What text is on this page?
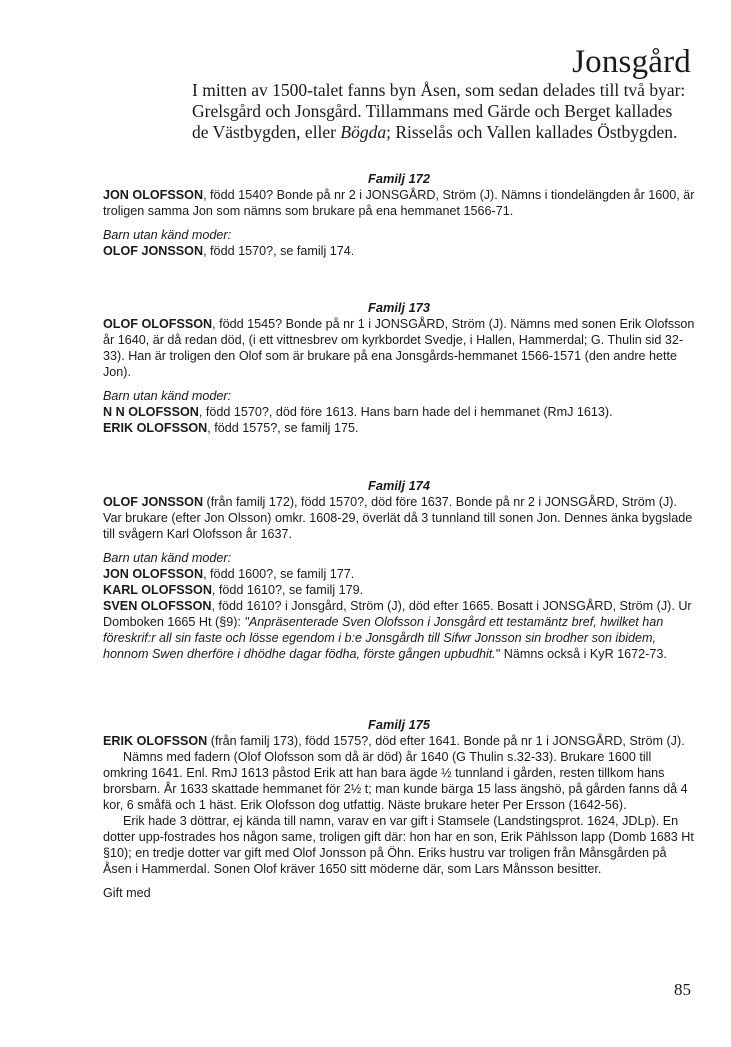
Jonsgård

I mitten av 1500-talet fanns byn Åsen, som sedan delades till två byar: Grelsgård och Jonsgård. Tillammans med Gärde och Berget kallades de Västbygden, eller Bögda; Risselås och Vallen kallades Östbygden.

Familj 172

JON OLOFSSON, född 1540? Bonde på nr 2 i JONSGÅRD, Ström (J). Nämns i tiondelängden år 1600, är troligen samma Jon som nämns som brukare på ena hemmanet 1566-71.

Barn utan känd moder:

OLOF JONSSON, född 1570?, se familj 174.

Familj 173

OLOF OLOFSSON, född 1545? Bonde på nr 1 i JONSGÅRD, Ström (J). Nämns med sonen Erik Olofsson år 1640, är då redan död, (i ett vittnesbrev om kyrkbordet Svedje, i Hallen, Hammerdal; G. Thulin sid 32-33). Han är troligen den Olof som är brukare på ena Jonsgårds-hemmanet 1566-1571 (den andre hette Jon).

Barn utan känd moder:

N N OLOFSSON, född 1570?, död före 1613. Hans barn hade del i hemmanet (RmJ 1613).

ERIK OLOFSSON, född 1575?, se familj 175.

Familj 174

OLOF JONSSON (från familj 172), född 1570?, död före 1637. Bonde på nr 2 i JONSGÅRD, Ström (J). Var brukare (efter Jon Olsson) omkr. 1608-29, överlät då 3 tunnland till sonen Jon. Dennes änka bygslade till svågern Karl Olofsson år 1637.

Barn utan känd moder:

JON OLOFSSON, född 1600?, se familj 177.

KARL OLOFSSON, född 1610?, se familj 179.

SVEN OLOFSSON, född 1610? i Jonsgård, Ström (J), död efter 1665. Bosatt i JONSGÅRD, Ström (J). Ur Domboken 1665 Ht (§9): "Anpräsenterade Sven Olofsson i Jonsgård ett testamäntz bref, hwilket han föreskrif:r all sin faste och lösse egendom i b:e Jonsgårdh till Sifwr Jonsson sin brodher son ibidem, honnom Swen dherföre i dhödhe dagar födha, förste gången upbudhit." Nämns också i KyR 1672-73.

Familj 175

ERIK OLOFSSON (från familj 173), född 1575?, död efter 1641. Bonde på nr 1 i JONSGÅRD, Ström (J).

Nämns med fadern (Olof Olofsson som då är död) år 1640 (G Thulin s.32-33). Brukare 1600 till omkring 1641. Enl. RmJ 1613 påstod Erik att han bara ägde ½ tunnland i gården, resten tillkom hans brorsbarn. År 1633 skattade hemmanet för 2½ t; man kunde bärga 15 lass ängshö, på gården fanns då 4 kor, 6 småfä och 1 häst. Erik Olofsson dog utfattig. Näste brukare heter Per Ersson (1642-56).

Erik hade 3 döttrar, ej kända till namn, varav en var gift i Stamsele (Landstingsprot. 1624, JDLp). En dotter upp-fostrades hos någon same, troligen gift där: hon har en son, Erik Pählsson lapp (Domb 1683 Ht §10); en tredje dotter var gift med Olof Jonsson på Öhn. Eriks hustru var troligen från Månsgården på Åsen i Hammerdal. Sonen Olof kräver 1650 sitt möderne där, som Lars Månsson besitter.

Gift med

85
